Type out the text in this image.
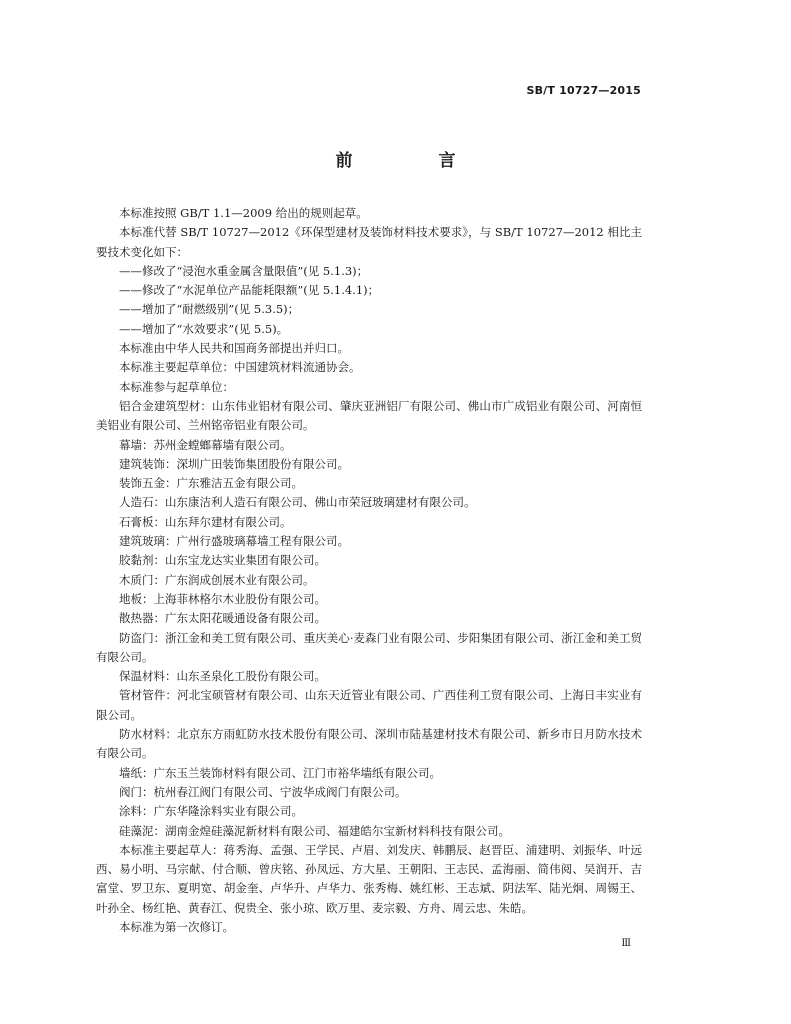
SB/T 10727—2015
前 言

本标准按照 GB/T 1.1—2009 给出的规则起草。

本标准代替 SB/T 10727—2012《环保型建材及装饰材料技术要求》，与 SB/T 10727—2012 相比主要技术变化如下：

——修改了“浸泡水重金属含量限值”(见 5.1.3)；

——修改了“水泥单位产品能耗限额”(见 5.1.4.1)；

——增加了“耐燃级别”(见 5.3.5)；

——增加了“水效要求”(见 5.5)。

本标准由中华人民共和国商务部提出并归口。

本标准主要起草单位：中国建筑材料流通协会。

本标准参与起草单位：

铝合金建筑型材：山东伟业铝材有限公司、肇庆亚洲铝厂有限公司、佛山市广成铝业有限公司、河南恒美铝业有限公司、兰州铭帝铝业有限公司。

幕墙：苏州金螳螂幕墙有限公司。

建筑装饰：深圳广田装饰集团股份有限公司。

装饰五金：广东雅洁五金有限公司。

人造石：山东康洁利人造石有限公司、佛山市荣冠玻璃建材有限公司。

石膏板：山东拜尔建材有限公司。

建筑玻璃：广州行盛玻璃幕墙工程有限公司。

胶黏剂：山东宝龙达实业集团有限公司。

木质门：广东润成创展木业有限公司。

地板：上海菲林格尔木业股份有限公司。

散热器：广东太阳花暖通设备有限公司。

防盗门：浙江金和美工贸有限公司、重庆美心·麦森门业有限公司、步阳集团有限公司、浙江金和美工贸有限公司。

保温材料：山东圣泉化工股份有限公司。

管材管件：河北宝硕管材有限公司、山东天近管业有限公司、广西佳利工贸有限公司、上海日丰实业有限公司。

防水材料：北京东方雨虹防水技术股份有限公司、深圳市陆基建材技术有限公司、新乡市日月防水技术有限公司。

墙纸：广东玉兰装饰材料有限公司、江门市裕华墙纸有限公司。

阀门：杭州春江阀门有限公司、宁波华成阀门有限公司。

涂料：广东华隆涂料实业有限公司。

硅藻泥：湖南金煌硅藻泥新材料有限公司、福建皓尔宝新材料科技有限公司。

本标准主要起草人：蒋秀海、孟强、王学民、卢眉、刘发庆、韩鹏辰、赵晋臣、浦建明、刘振华、叶远西、易小明、马宗献、付合顺、曾庆铭、孙凤远、方大星、王朝阳、王志民、孟海丽、简伟阅、吴润开、吉富堂、罗卫东、夏明宽、胡金奎、卢华升、卢华力、张秀梅、姚红彬、王志斌、阴法军、陆光炯、周锡王、叶孙全、杨红艳、黄春江、倪贵全、张小琼、欧万里、麦宗毅、方舟、周云忠、朱皓。

本标准为第一次修订。

Ⅲ
